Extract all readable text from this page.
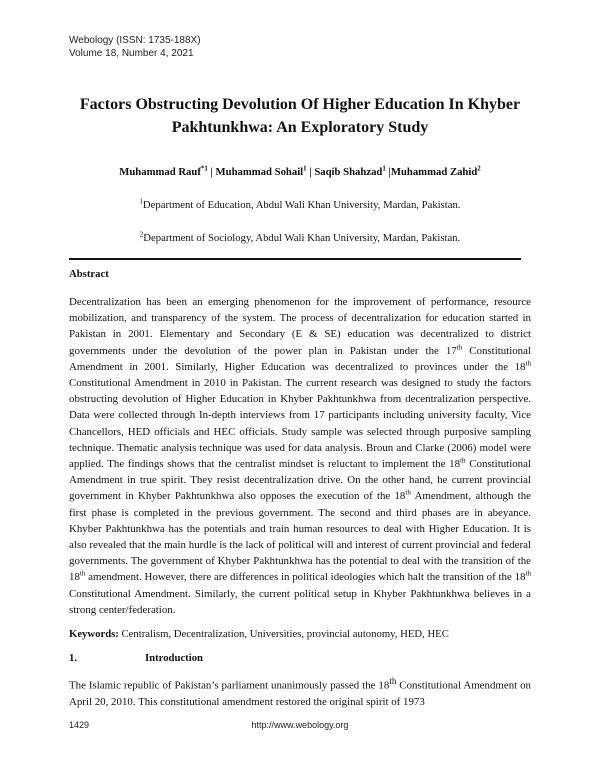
Webology (ISSN: 1735-188X)
Volume 18, Number 4, 2021
Factors Obstructing Devolution Of Higher Education In Khyber
Pakhtunkhwa: An Exploratory Study
Muhammad Rauf$^{*1}$ | Muhammad Sohail$^1$ | Saqib Shahzad$^1$ |Muhammad Zahid$^2$
$^1$Department of Education, Abdul Wali Khan University, Mardan, Pakistan.
$^2$Department of Sociology, Abdul Wali Khan University, Mardan, Pakistan.
Abstract
Decentralization has been an emerging phenomenon for the improvement of performance, resource mobilization, and transparency of the system. The process of decentralization for education started in Pakistan in 2001. Elementary and Secondary (E & SE) education was decentralized to district governments under the devolution of the power plan in Pakistan under the 17th Constitutional Amendment in 2001. Similarly, Higher Education was decentralized to provinces under the 18th Constitutional Amendment in 2010 in Pakistan. The current research was designed to study the factors obstructing devolution of Higher Education in Khyber Pakhtunkhwa from decentralization perspective. Data were collected through In-depth interviews from 17 participants including university faculty, Vice Chancellors, HED officials and HEC officials. Study sample was selected through purposive sampling technique. Thematic analysis technique was used for data analysis. Broun and Clarke (2006) model were applied. The findings shows that the centralist mindset is reluctant to implement the 18th Constitutional Amendment in true spirit. They resist decentralization drive. On the other hand, he current provincial government in Khyber Pakhtunkhwa also opposes the execution of the 18th Amendment, although the first phase is completed in the previous government. The second and third phases are in abeyance. Khyber Pakhtunkhwa has the potentials and train human resources to deal with Higher Education. It is also revealed that the main hurdle is the lack of political will and interest of current provincial and federal governments. The government of Khyber Pakhtunkhwa has the potential to deal with the transition of the 18th amendment. However, there are differences in political ideologies which halt the transition of the 18th Constitutional Amendment. Similarly, the current political setup in Khyber Pakhtunkhwa believes in a strong center/federation.
Keywords: Centralism, Decentralization, Universities, provincial autonomy, HED, HEC
1.	Introduction
The Islamic republic of Pakistan’s parliament unanimously passed the 18th Constitutional Amendment on April 20, 2010. This constitutional amendment restored the original spirit of 1973
1429	http://www.webology.org
